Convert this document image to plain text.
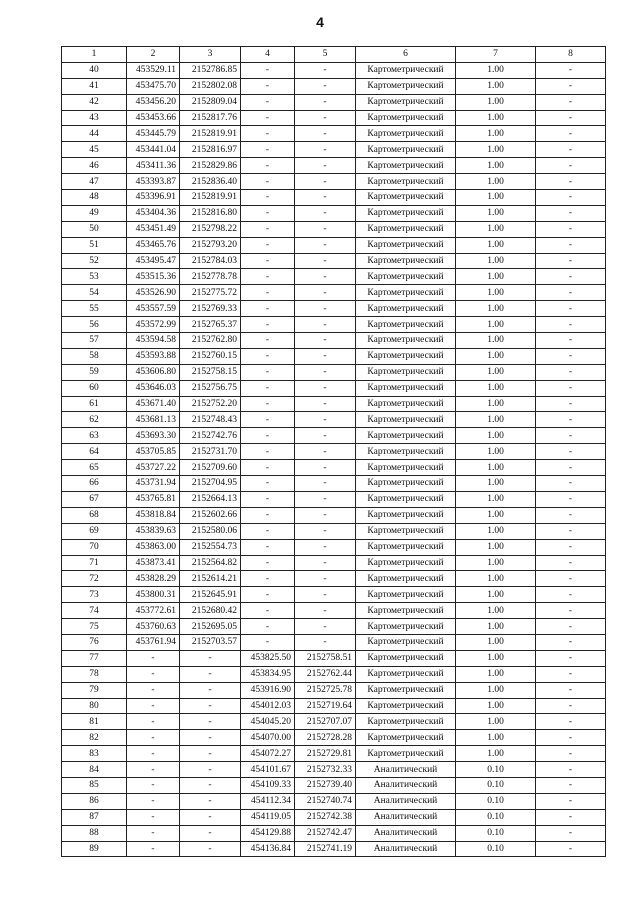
4
1	2	3	4	5	6	7	8
40	453529.11	2152786.85	-	-	Картометрический	1.00	-
41	453475.70	2152802.08	-	-	Картометрический	1.00	-
42	453456.20	2152809.04	-	-	Картометрический	1.00	-
43	453453.66	2152817.76	-	-	Картометрический	1.00	-
44	453445.79	2152819.91	-	-	Картометрический	1.00	-
45	453441.04	2152816.97	-	-	Картометрический	1.00	-
46	453411.36	2152829.86	-	-	Картометрический	1.00	-
47	453393.87	2152836.40	-	-	Картометрический	1.00	-
48	453396.91	2152819.91	-	-	Картометрический	1.00	-
49	453404.36	2152816.80	-	-	Картометрический	1.00	-
50	453451.49	2152798.22	-	-	Картометрический	1.00	-
51	453465.76	2152793.20	-	-	Картометрический	1.00	-
52	453495.47	2152784.03	-	-	Картометрический	1.00	-
53	453515.36	2152778.78	-	-	Картометрический	1.00	-
54	453526.90	2152775.72	-	-	Картометрический	1.00	-
55	453557.59	2152769.33	-	-	Картометрический	1.00	-
56	453572.99	2152765.37	-	-	Картометрический	1.00	-
57	453594.58	2152762.80	-	-	Картометрический	1.00	-
58	453593.88	2152760.15	-	-	Картометрический	1.00	-
59	453606.80	2152758.15	-	-	Картометрический	1.00	-
60	453646.03	2152756.75	-	-	Картометрический	1.00	-
61	453671.40	2152752.20	-	-	Картометрический	1.00	-
62	453681.13	2152748.43	-	-	Картометрический	1.00	-
63	453693.30	2152742.76	-	-	Картометрический	1.00	-
64	453705.85	2152731.70	-	-	Картометрический	1.00	-
65	453727.22	2152709.60	-	-	Картометрический	1.00	-
66	453731.94	2152704.95	-	-	Картометрический	1.00	-
67	453765.81	2152664.13	-	-	Картометрический	1.00	-
68	453818.84	2152602.66	-	-	Картометрический	1.00	-
69	453839.63	2152580.06	-	-	Картометрический	1.00	-
70	453863.00	2152554.73	-	-	Картометрический	1.00	-
71	453873.41	2152564.82	-	-	Картометрический	1.00	-
72	453828.29	2152614.21	-	-	Картометрический	1.00	-
73	453800.31	2152645.91	-	-	Картометрический	1.00	-
74	453772.61	2152680.42	-	-	Картометрический	1.00	-
75	453760.63	2152695.05	-	-	Картометрический	1.00	-
76	453761.94	2152703.57	-	-	Картометрический	1.00	-
77	-	-	453825.50	2152758.51	Картометрический	1.00	-
78	-	-	453834.95	2152762.44	Картометрический	1.00	-
79	-	-	453916.90	2152725.78	Картометрический	1.00	-
80	-	-	454012.03	2152719.64	Картометрический	1.00	-
81	-	-	454045.20	2152707.07	Картометрический	1.00	-
82	-	-	454070.00	2152728.28	Картометрический	1.00	-
83	-	-	454072.27	2152729.81	Картометрический	1.00	-
84	-	-	454101.67	2152732.33	Аналитический	0.10	-
85	-	-	454109.33	2152739.40	Аналитический	0.10	-
86	-	-	454112.34	2152740.74	Аналитический	0.10	-
87	-	-	454119.05	2152742.38	Аналитический	0.10	-
88	-	-	454129.88	2152742.47	Аналитический	0.10	-
89	-	-	454136.84	2152741.19	Аналитический	0.10	-
